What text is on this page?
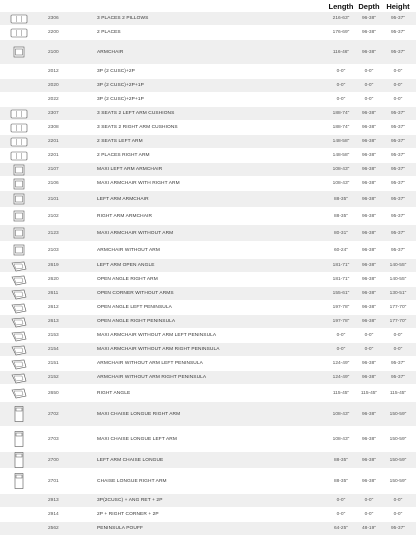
Length Depth Height
2306	3 PLACES 2 PILLOWS	216-63"	96-38"	95-37"
2200	2 PLACES	176-69"	96-38"	95-37"
2100	ARMCHAIR	116-46"	96-38"	95-37"
2012	3P (2 CUSC)+2P	0-0"	0-0"	0-0"
2020	3P (2 CUSC)+2P+1P	0-0"	0-0"	0-0"
2022	3P (2 CUSC)+2P+1P	0-0"	0-0"	0-0"
2307	3 SEATS 2 LEFT ARM CUSHIONS	188-74"	96-38"	95-37"
2308	3 SEATS 2 RIGHT ARM CUSHIONS	188-74"	96-38"	95-37"
2201	2 SEATS LEFT ARM	148-58"	96-38"	95-37"
2201	2 PLACES RIGHT ARM	148-58"	96-38"	95-37"
2107	MAXI LEFT ARM ARMCHAIR	108-43"	96-38"	95-37"
2106	MAXI ARMCHAIR WITH RIGHT ARM	108-43"	96-38"	95-37"
2101	LEFT ARM ARMCHAIR	88-35"	96-38"	95-37"
2102	RIGHT ARM ARMCHAIR	88-35"	96-38"	95-37"
2123	MAXI ARMCHAIR WITHOUT ARM	80-31"	96-38"	95-37"
2103	ARMCHAIR WITHOUT ARM	60-24"	96-38"	95-37"
2619	LEFT ARM OPEN ANGLE	181-71"	96-38"	140-55"
2620	OPEN ANGLE RIGHT ARM	181-71"	96-38"	140-55"
2611	OPEN CORNER WITHOUT ARMS	155-61"	96-38"	130-51"
2612	OPEN ANGLE LEFT PENINSULA	197-78"	96-38"	177-70"
2613	OPEN ANGLE RIGHT PENINSULA	197-78"	96-38"	177-70"
2153	MAXI ARMCHAIR WITHOUT ARM LEFT PENINSULA	0-0"	0-0"	0-0"
2154	MAXI ARMCHAIR WITHOUT ARM RIGHT PENINSULA	0-0"	0-0"	0-0"
2151	ARMCHAIR WITHOUT ARM LEFT PENINSULA	124-49"	96-38"	95-37"
2152	ARMCHAIR WITHOUT ARM RIGHT PENINSULA	124-49"	96-38"	95-37"
2650	RIGHT ANGLE	115-45"	115-45"	115-45"
2702	MAXI CHAISE LONGUE RIGHT ARM	108-43"	96-38"	150-59"
2703	MAXI CHAISE LONGUE LEFT ARM	108-43"	96-38"	150-59"
2700	LEFT ARM CHAISE LONGUE	88-35"	96-38"	150-59"
2701	CHAISE LONGUE RIGHT ARM	88-35"	96-38"	150-59"
2913	3P(2CUSC) + ANG RET + 2P	0-0"	0-0"	0-0"
2914	2P + RIGHT CORNER + 2P	0-0"	0-0"	0-0"
2562	PENINSULA POUFF	64-25"	48-19"	95-37"
